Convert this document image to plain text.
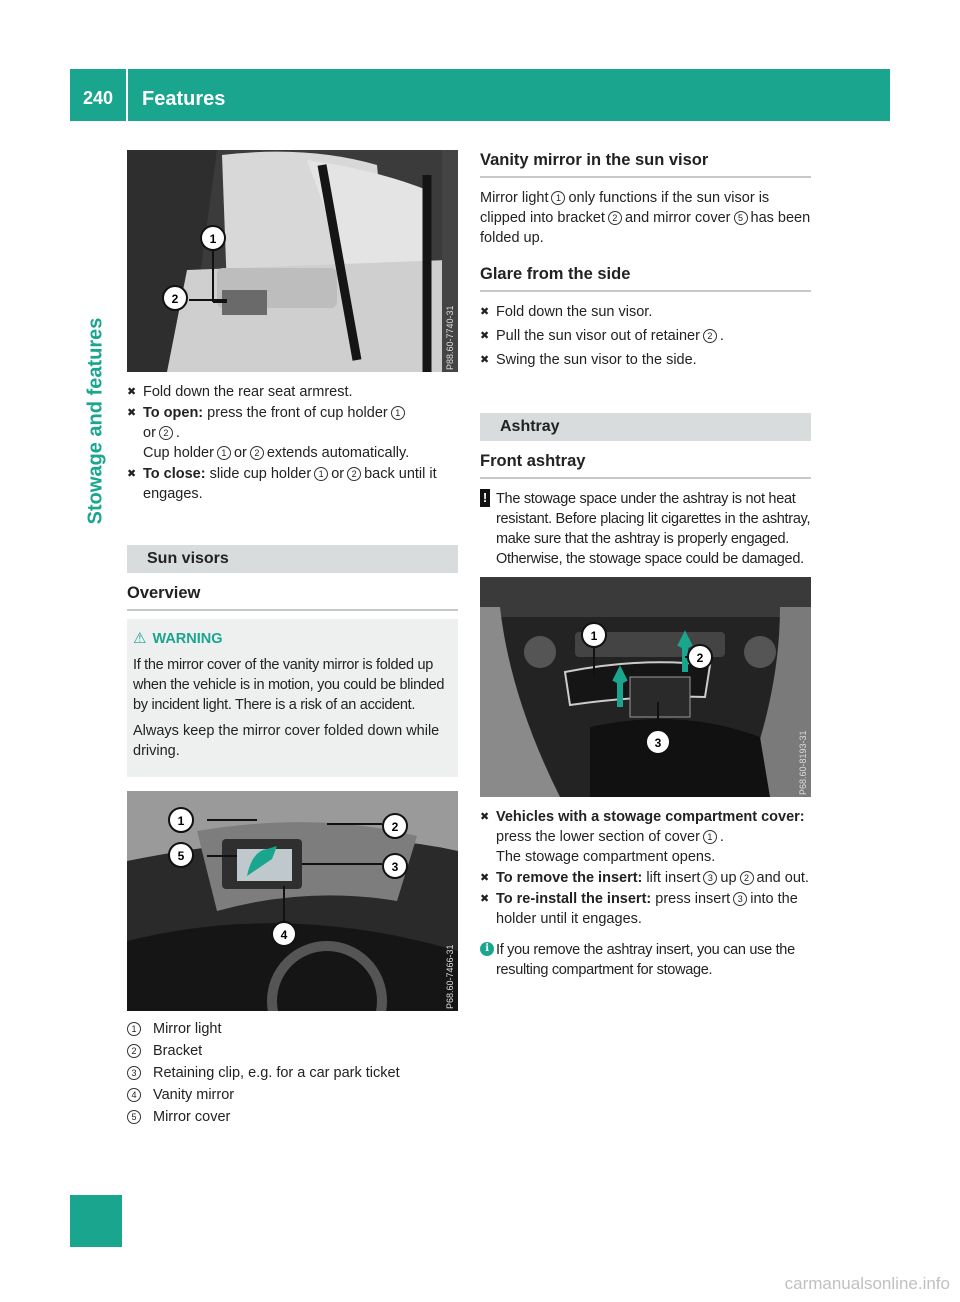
240	Features
Stowage and features
1
2
P88.60-7740-31
✖ Fold down the rear seat armrest.
✖ To open: press the front of cup holder 1
or 2 .
Cup holder 1 or 2 extends automatically.
✖ To close: slide cup holder 1 or 2 back until it engages.
Sun visors
Overview
⚠ WARNING

If the mirror cover of the vanity mirror is folded up when the vehicle is in motion, you could be blinded by incident light. There is a risk of an accident.

Always keep the mirror cover folded down while driving.

1	2
3
4
5
P68.60-7466-31
1	Mirror light
2	Bracket
3	Retaining clip, e.g. for a car park ticket
4	Vanity mirror
5	Mirror cover
Vanity mirror in the sun visor
Mirror light 1 only functions if the sun visor is clipped into bracket 2 and mirror cover 5 has been folded up.
Glare from the side
✖ Fold down the sun visor.
✖ Pull the sun visor out of retainer 2 .
✖ Swing the sun visor to the side.
Ashtray
Front ashtray
! The stowage space under the ashtray is not heat resistant. Before placing lit cigarettes in the ashtray, make sure that the ashtray is properly engaged. Otherwise, the stowage space could be damaged.
1
2
3	P68.60-8193-31
✖ Vehicles with a stowage compartment cover: press the lower section of cover 1 .
The stowage compartment opens.
✖ To remove the insert: lift insert 3 up 2 and out.
✖ To re-install the insert: press insert 3 into the holder until it engages.
i If you remove the ashtray insert, you can use the resulting compartment for stowage.
carmanualsonline.info
